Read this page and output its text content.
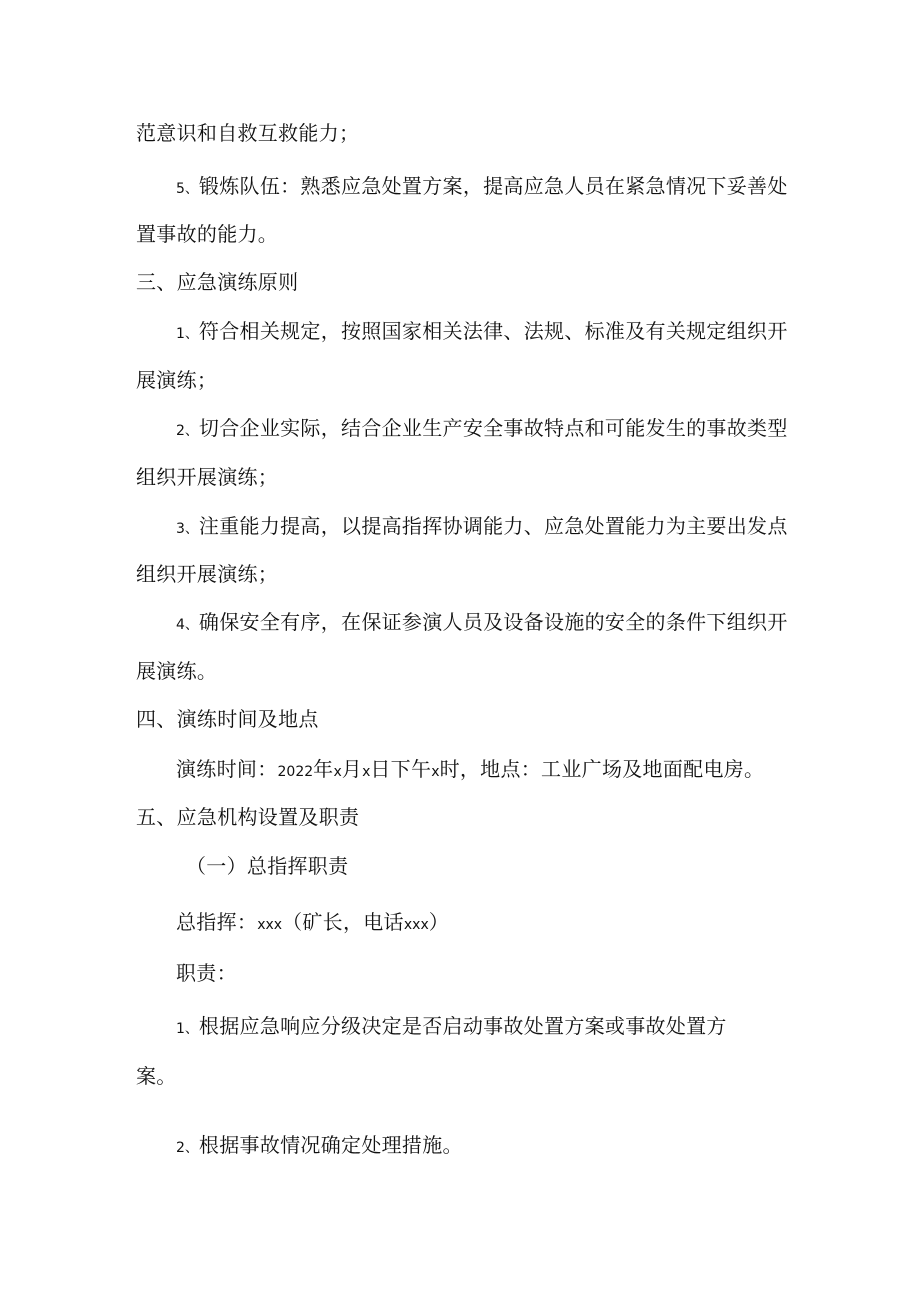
范意识和自救互救能力；
5、锻炼队伍：熟悉应急处置方案，提高应急人员在紧急情况下妥善处
置事故的能力。
三、应急演练原则
1、符合相关规定，按照国家相关法律、法规、标准及有关规定组织开
展演练；
2、切合企业实际，结合企业生产安全事故特点和可能发生的事故类型
组织开展演练；
3、注重能力提高，以提高指挥协调能力、应急处置能力为主要出发点
组织开展演练；
4、确保安全有序，在保证参演人员及设备设施的安全的条件下组织开
展演练。
四、演练时间及地点
演练时间：2022年x月x日下午x时，地点：工业广场及地面配电房。
五、应急机构设置及职责
（一）总指挥职责
总指挥：xxx（矿长，电话xxx）
职责：
1、根据应急响应分级决定是否启动事故处置方案或事故处置方
案。
2、根据事故情况确定处理措施。
